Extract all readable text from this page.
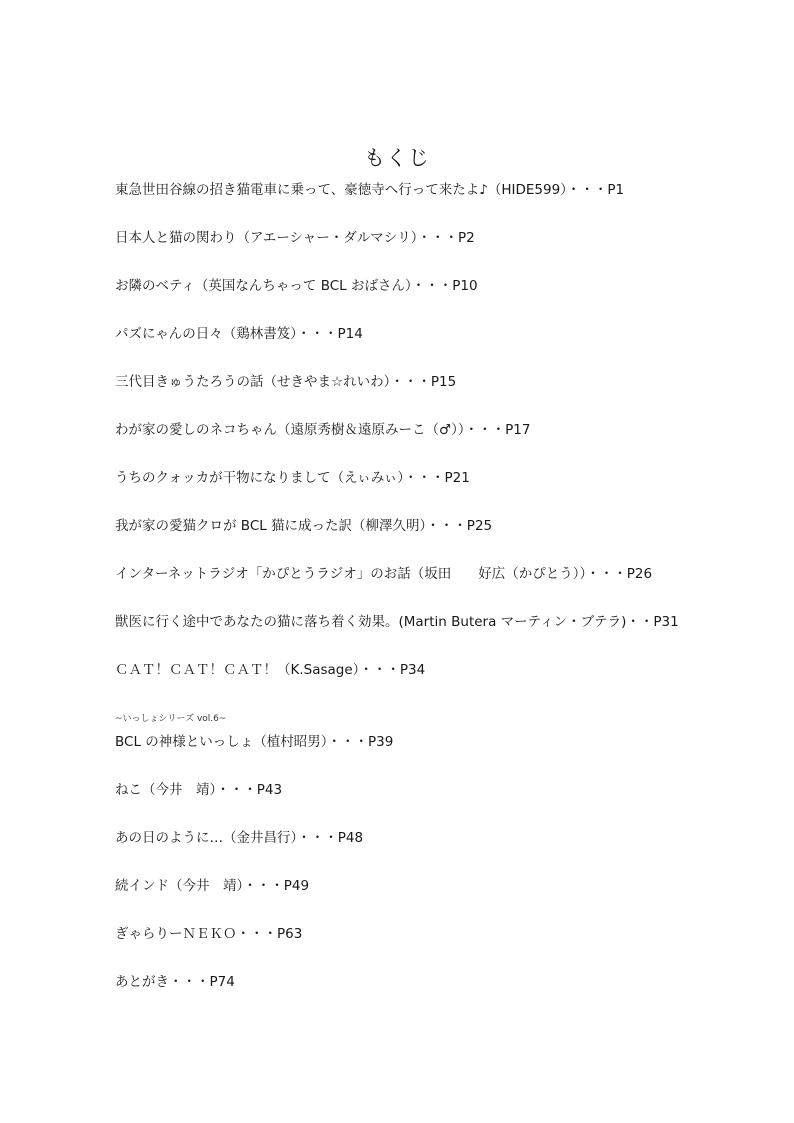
もくじ
東急世田谷線の招き猫電車に乗って、豪徳寺へ行って来たよ♪（HIDE599）・・・P1
日本人と猫の関わり（アエーシャー・ダルマシリ）・・・P2
お隣のベティ（英国なんちゃって BCL おばさん）・・・P10
パズにゃんの日々（鶏林書笈）・・・P14
三代目きゅうたろうの話（せきやま☆れいわ）・・・P15
わが家の愛しのネコちゃん（遠原秀樹＆遠原みーこ（♂））・・・P17
うちのクォッカが干物になりまして（えぃみぃ）・・・P21
我が家の愛猫クロが BCL 猫に成った訳（柳澤久明）・・・P25
インターネットラジオ「かぴとうラジオ」のお話（坂田　　好広（かぴとう））・・・P26
獣医に行く途中であなたの猫に落ち着く効果。(Martin Butera マーティン・ブテラ)・・P31
ＣＡＴ！ＣＡＴ！ＣＡＴ！（K.Sasage）・・・P34
~いっしょシリーズ vol.6~
BCL の神様といっしょ（植村昭男）・・・P39
ねこ（今井　靖）・・・P43
あの日のように…（金井昌行）・・・P48
続インド（今井　靖）・・・P49
ぎゃらりーＮＥＫＯ・・・P63
あとがき・・・P74
